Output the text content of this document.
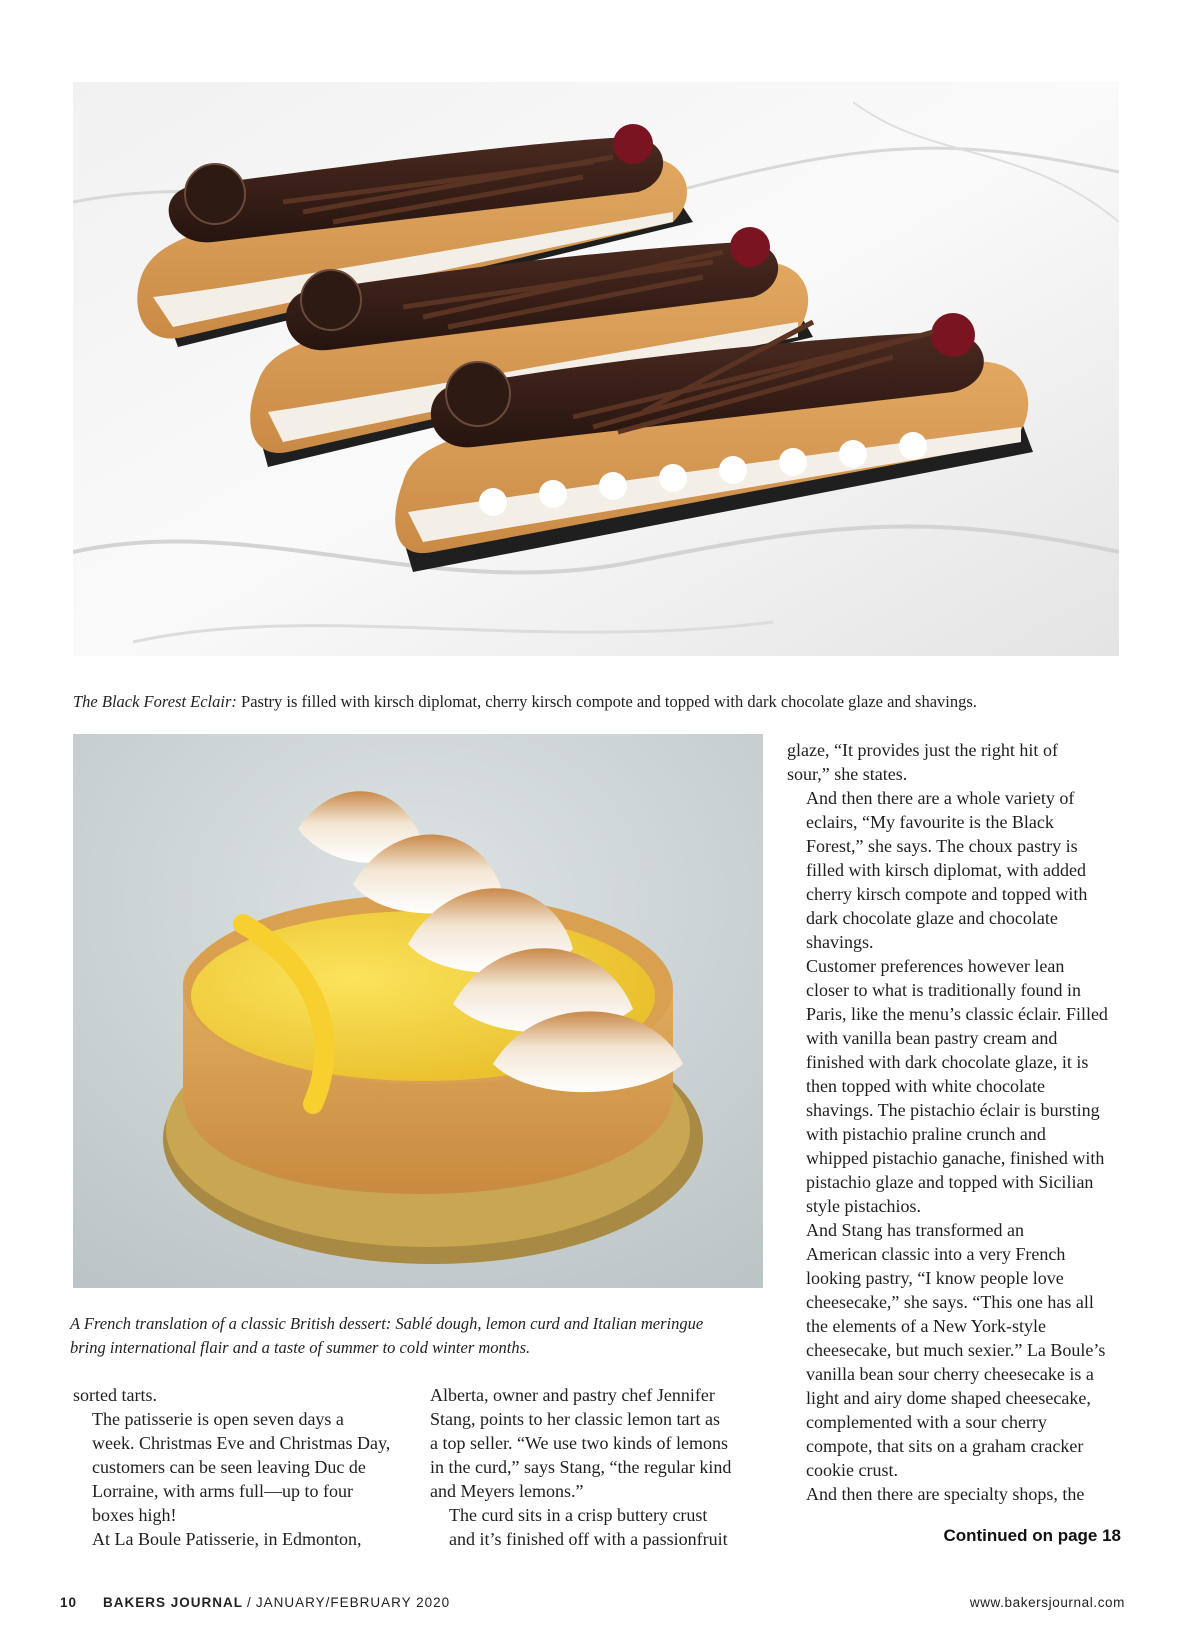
The Black Forest Eclair: Pastry is filled with kirsch diplomat, cherry kirsch compote and topped with dark chocolate glaze and shavings.
A French translation of a classic British dessert: Sablé dough, lemon curd and Italian meringue
bring international flair and a taste of summer to cold winter months.

sorted tarts.

The patisserie is open seven days a
week. Christmas Eve and Christmas Day,
customers can be seen leaving Duc de
Lorraine, with arms full—up to four
boxes high!

At La Boule Patisserie, in Edmonton,

Alberta, owner and pastry chef Jennifer
Stang, points to her classic lemon tart as
a top seller. “We use two kinds of lemons
in the curd,” says Stang, “the regular kind
and Meyers lemons.”

The curd sits in a crisp buttery crust
and it’s finished off with a passionfruit

glaze, “It provides just the right hit of
sour,” she states.

And then there are a whole variety of
eclairs, “My favourite is the Black
Forest,” she says. The choux pastry is
filled with kirsch diplomat, with added
cherry kirsch compote and topped with
dark chocolate glaze and chocolate
shavings.

Customer preferences however lean
closer to what is traditionally found in
Paris, like the menu’s classic éclair. Filled
with vanilla bean pastry cream and
finished with dark chocolate glaze, it is
then topped with white chocolate
shavings. The pistachio éclair is bursting
with pistachio praline crunch and
whipped pistachio ganache, finished with
pistachio glaze and topped with Sicilian
style pistachios.

And Stang has transformed an
American classic into a very French
looking pastry, “I know people love
cheesecake,” she says. “This one has all
the elements of a New York-style
cheesecake, but much sexier.” La Boule’s
vanilla bean sour cherry cheesecake is a
light and airy dome shaped cheesecake,
complemented with a sour cherry
compote, that sits on a graham cracker
cookie crust.

And then there are specialty shops, the

Continued on page 18
10 BAKERS JOURNAL / JANUARY/FEBRUARY 2020	www.bakersjournal.com
